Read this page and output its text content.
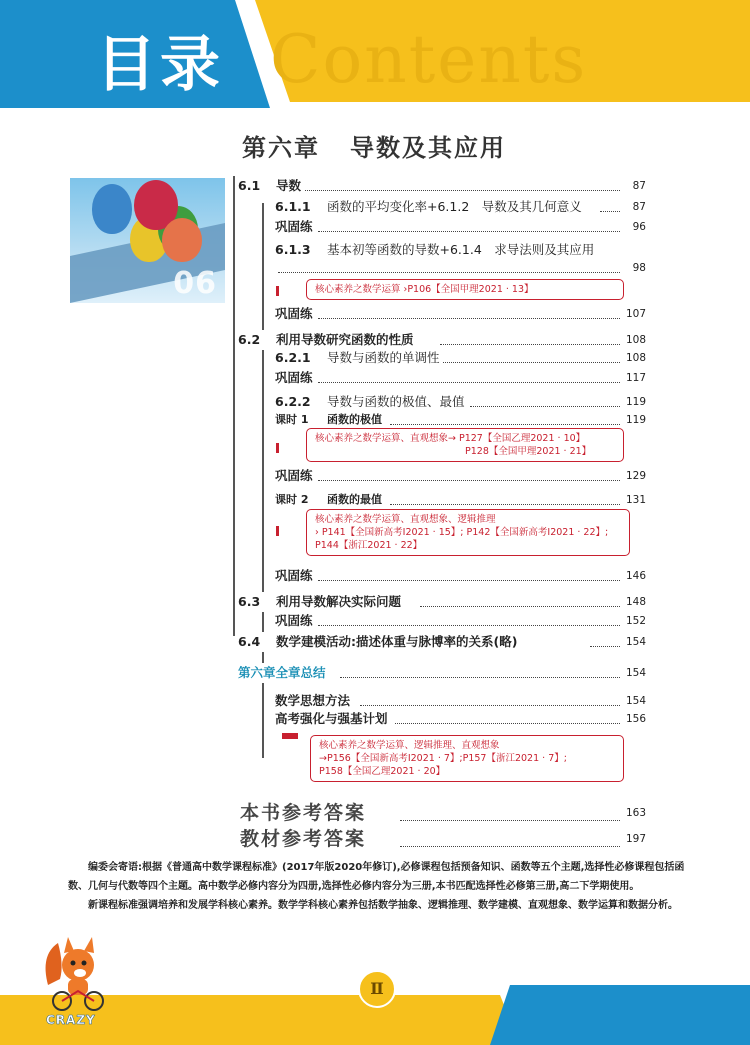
Contents
目录
第六章 导数及其应用
06
6.1 导数	87
6.1.1 函数的平均变化率+6.1.2　导数及其几何意义	87
巩固练	96
6.1.3 基本初等函数的导数+6.1.4　求导法则及其应用
98
核心素养之数学运算 ›P106【全国甲理2021 · 13】
巩固练	107
6.2 利用导数研究函数的性质	108
6.2.1 导数与函数的单调性	108
巩固练	117
6.2.2 导数与函数的极值、最值	119
课时 1 函数的极值	119
核心素养之数学运算、直观想象→ P127【全国乙理2021 · 10】
P128【全国甲理2021 · 21】
巩固练	129
课时 2 函数的最值	131
核心素养之数学运算、直观想象、逻辑推理
› P141【全国新高考Ⅰ2021 · 15】; P142【全国新高考Ⅰ2021 · 22】;
P144【浙江2021 · 22】
巩固练	146
6.3 利用导数解决实际问题	148
巩固练	152
6.4 数学建模活动:描述体重与脉博率的关系(略)	154
第六章全章总结	154
数学思想方法	154
高考强化与强基计划	156
核心素养之数学运算、逻辑推理、直观想象
→P156【全国新高考Ⅰ2021 · 7】;P157【浙江2021 · 7】;
P158【全国乙理2021 · 20】
本书参考答案	163
教材参考答案	197

编委会寄语:根据《普通高中数学课程标准》(2017年版2020年修订),必修课程包括预备知识、函数等五个主题,选择性必修课程包括函数、几何与代数等四个主题。高中数学必修内容分为四册,选择性必修内容分为三册,本书匹配选择性必修第三册,高二下学期使用。

新课程标准强调培养和发展学科核心素养。数学学科核心素养包括数学抽象、逻辑推理、数学建模、直观想象、数学运算和数据分析。

Ⅱ
CRAZY
